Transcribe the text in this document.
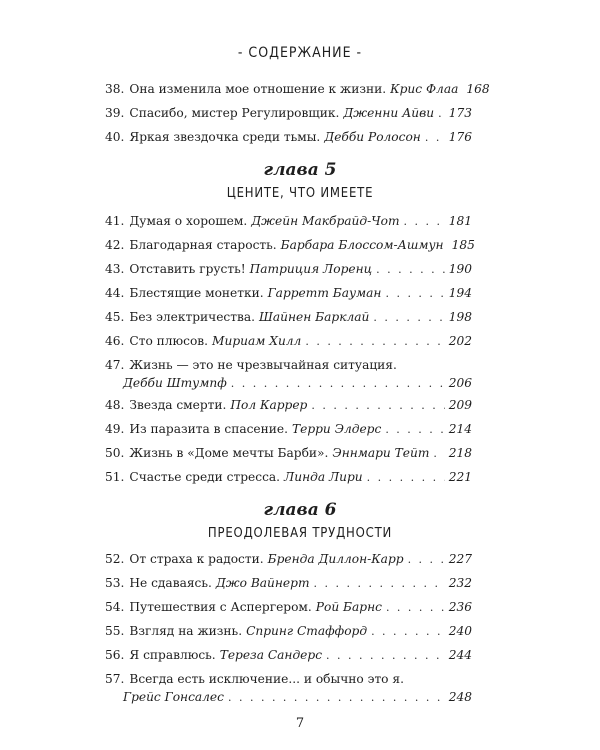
- СОДЕРЖАНИЕ -
38. Она изменила мое отношение к жизни. Крис Флаа 168
39. Спасибо, мистер Регулировщик. Дженни Айви . . . 173
40. Яркая звездочка среди тьмы. Дебби Ролосон . . . 176
глава 5
ЦЕНИТЕ, ЧТО ИМЕЕТЕ
41. Думая о хорошем. Джейн Макбрайд-Чот . . .	181
42. Благодарная старость. Барбара Блоссом-Ашмун 185
43. Отставить грусть! Патриция Лоренц . . .	190
44. Блестящие монетки. Гарретт Бауман . . .	194
45. Без электричества. Шайнен Барклай . . .	198
46. Сто плюсов. Мириам Хилл . . .	202
47. Жизнь — это не чрезвычайная ситуация.
Дебби Штумпф . . .	206
48. Звезда смерти. Пол Каррер . . .	209
49. Из паразита в спасение. Терри Элдерс . . .	214
50. Жизнь в «Доме мечты Барби». Эннмари Тейт . . . 218
51. Счастье среди стресса. Линда Лири . . .	221
глава 6
ПРЕОДОЛЕВАЯ ТРУДНОСТИ
52. От страха к радости. Бренда Диллон-Карр . . .	227
53. Не сдаваясь. Джо Вайнерт . . .	232
54. Путешествия с Аспергером. Рой Барнс . . .	236
55. Взгляд на жизнь. Спринг Стаффорд . . .	240
56. Я справлюсь. Тереза Сандерс . . .	244
57. Всегда есть исключение... и обычно это я.
Грейс Гонсалес . . .	248
7
